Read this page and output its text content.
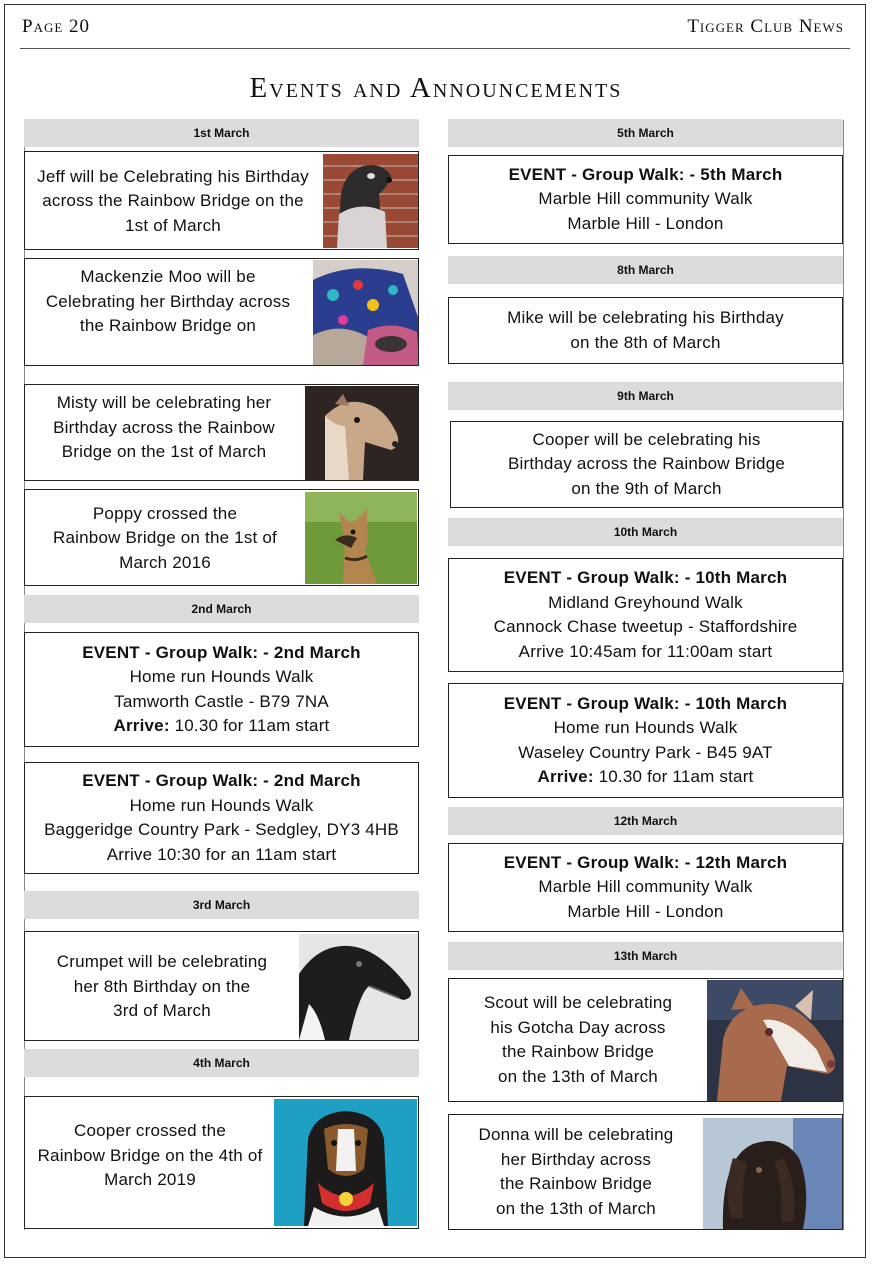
Page 20	Tigger Club News
Events and Announcements
1st March
Jeff will be Celebrating his Birthday
across the Rainbow Bridge on the
1st of March
Mackenzie Moo will be
Celebrating her Birthday across
the Rainbow Bridge on
Misty will be celebrating her
Birthday across the Rainbow
Bridge on the 1st of March
Poppy crossed the
Rainbow Bridge on the 1st of
March 2016
2nd March
EVENT - Group Walk: - 2nd March
Home run Hounds Walk
Tamworth Castle - B79 7NA
Arrive: 10.30 for 11am start
EVENT - Group Walk: - 2nd March
Home run Hounds Walk
Baggeridge Country Park - Sedgley, DY3 4HB
Arrive 10:30 for an 11am start
3rd March
Crumpet will be celebrating
her 8th Birthday on the
3rd of March
4th March
Cooper crossed the
Rainbow Bridge on the 4th of
March 2019
5th March
EVENT - Group Walk: - 5th March
Marble Hill community Walk
Marble Hill - London
8th March
Mike will be celebrating his Birthday
on the 8th of March
9th March
Cooper will be celebrating his
Birthday across the Rainbow Bridge
on the 9th of March
10th March
EVENT - Group Walk: - 10th March
Midland Greyhound Walk
Cannock Chase tweetup - Staffordshire
Arrive 10:45am for 11:00am start
EVENT - Group Walk: - 10th March
Home run Hounds Walk
Waseley Country Park - B45 9AT
Arrive: 10.30 for 11am start
12th March
EVENT - Group Walk: - 12th March
Marble Hill community Walk
Marble Hill - London
13th March
Scout will be celebrating
his Gotcha Day across
the Rainbow Bridge
on the 13th of March
Donna will be celebrating
her Birthday across
the Rainbow Bridge
on the 13th of March
